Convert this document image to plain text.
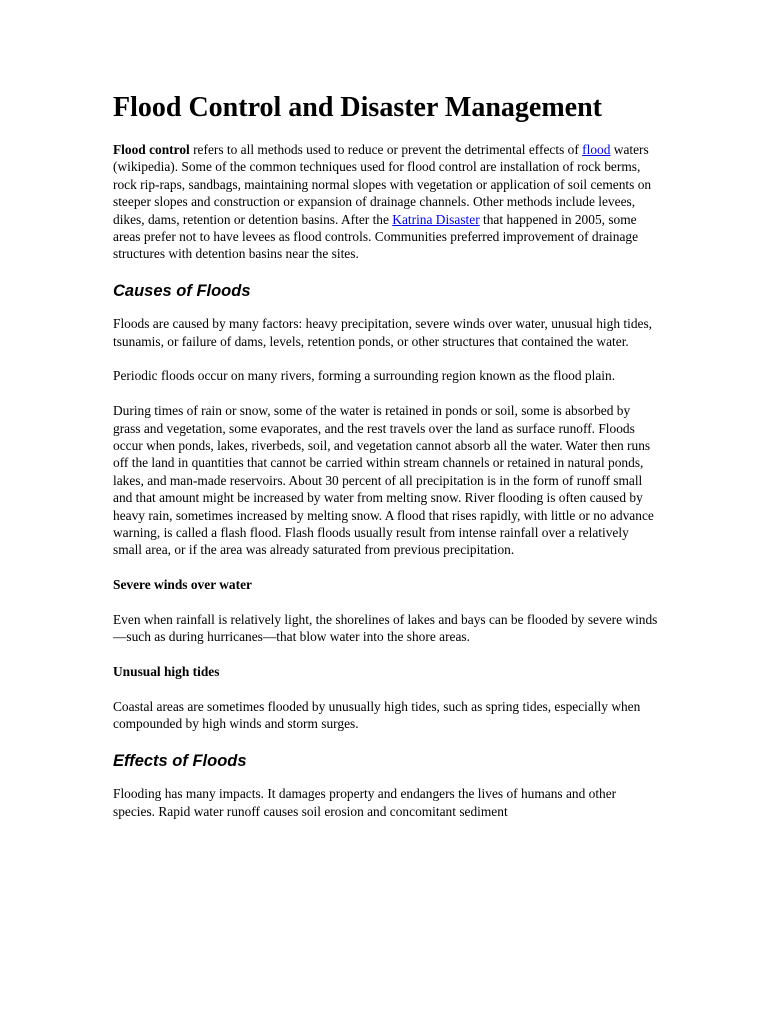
Flood Control and Disaster Management

Flood control refers to all methods used to reduce or prevent the detrimental effects of flood waters (wikipedia). Some of the common techniques used for flood control are installation of rock berms, rock rip-raps, sandbags, maintaining normal slopes with vegetation or application of soil cements on steeper slopes and construction or expansion of drainage channels. Other methods include levees, dikes, dams, retention or detention basins. After the Katrina Disaster that happened in 2005, some areas prefer not to have levees as flood controls. Communities preferred improvement of drainage structures with detention basins near the sites.

Causes of Floods

Floods are caused by many factors: heavy precipitation, severe winds over water, unusual high tides, tsunamis, or failure of dams, levels, retention ponds, or other structures that contained the water.

Periodic floods occur on many rivers, forming a surrounding region known as the flood plain.

During times of rain or snow, some of the water is retained in ponds or soil, some is absorbed by grass and vegetation, some evaporates, and the rest travels over the land as surface runoff. Floods occur when ponds, lakes, riverbeds, soil, and vegetation cannot absorb all the water. Water then runs off the land in quantities that cannot be carried within stream channels or retained in natural ponds, lakes, and man-made reservoirs. About 30 percent of all precipitation is in the form of runoff small and that amount might be increased by water from melting snow. River flooding is often caused by heavy rain, sometimes increased by melting snow. A flood that rises rapidly, with little or no advance warning, is called a flash flood. Flash floods usually result from intense rainfall over a relatively small area, or if the area was already saturated from previous precipitation.

Severe winds over water

Even when rainfall is relatively light, the shorelines of lakes and bays can be flooded by severe winds—such as during hurricanes—that blow water into the shore areas.

Unusual high tides

Coastal areas are sometimes flooded by unusually high tides, such as spring tides, especially when compounded by high winds and storm surges.

Effects of Floods

Flooding has many impacts. It damages property and endangers the lives of humans and other species. Rapid water runoff causes soil erosion and concomitant sediment
